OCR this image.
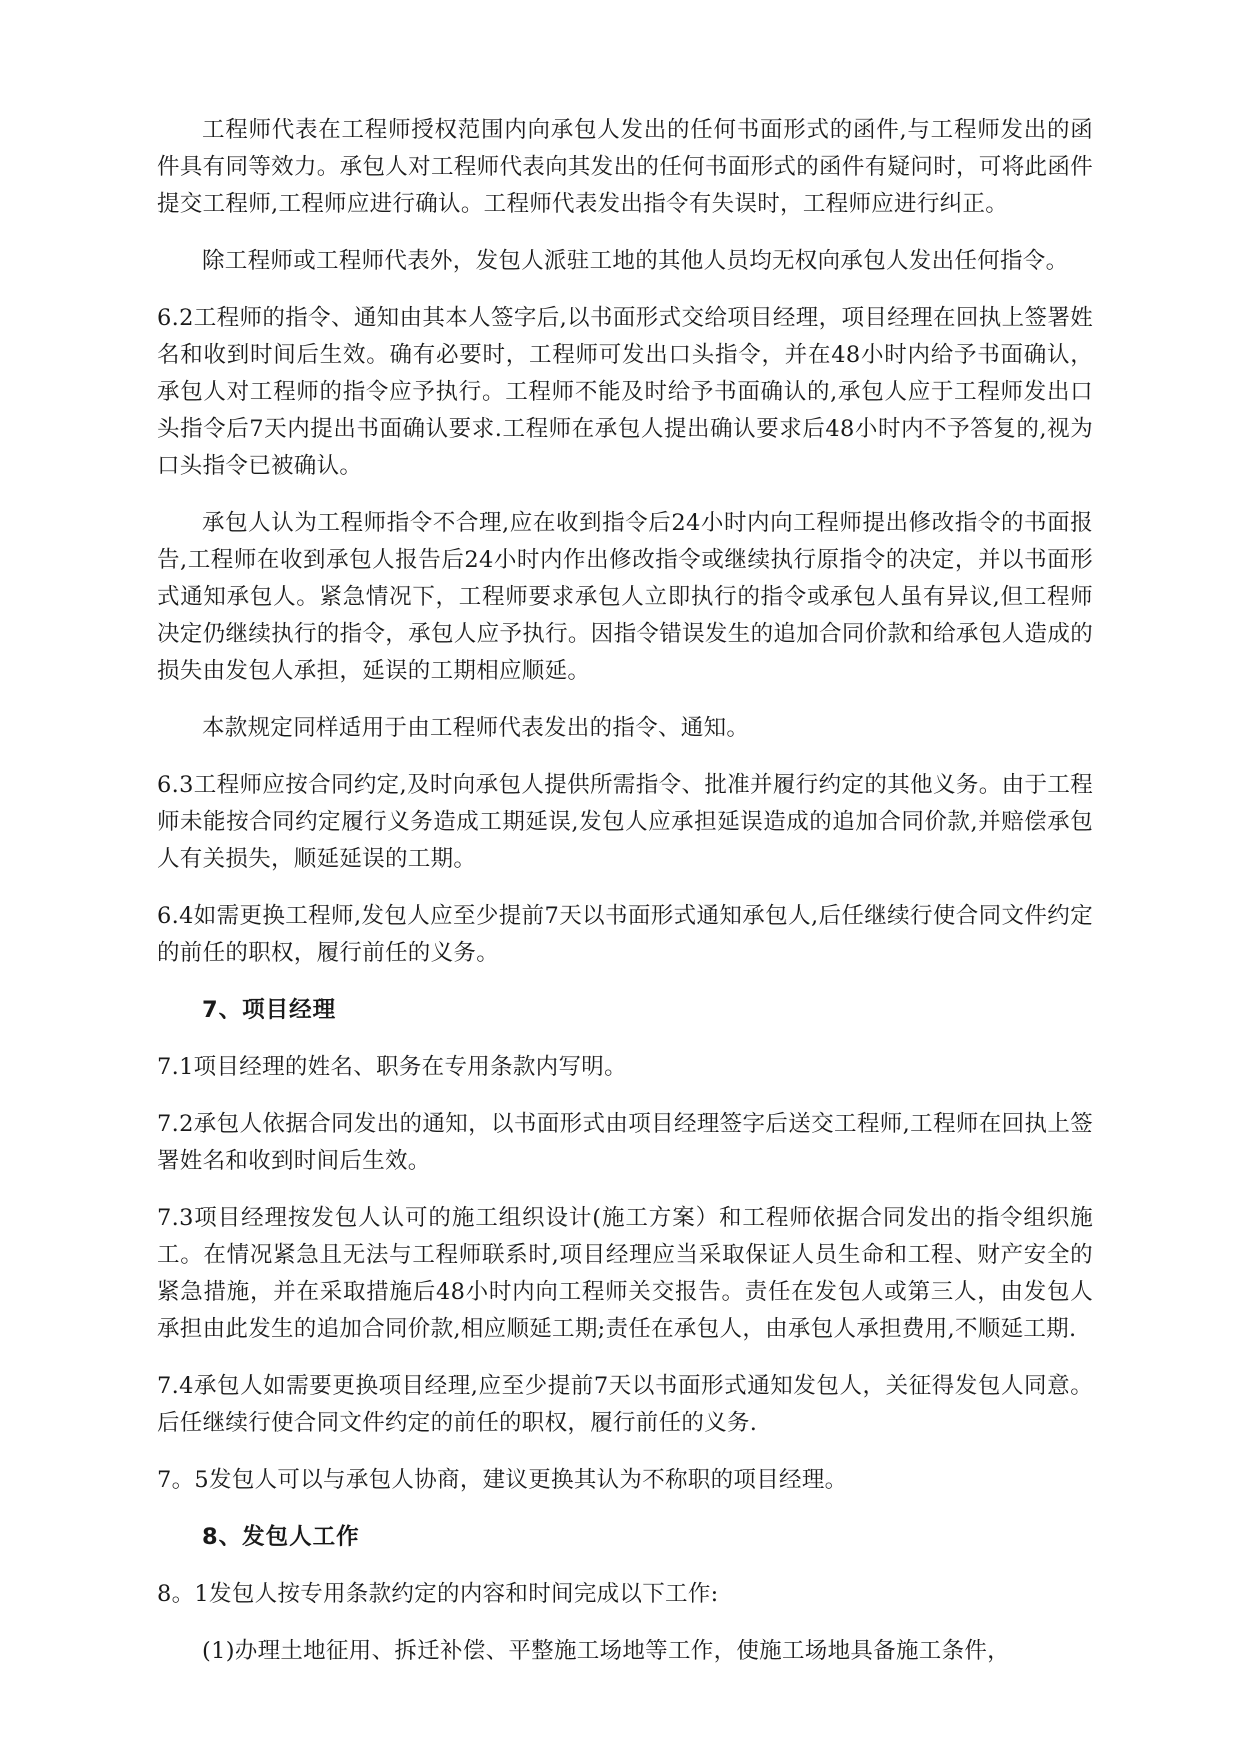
工程师代表在工程师授权范围内向承包人发出的任何书面形式的函件,与工程师发出的函件具有同等效力。承包人对工程师代表向其发出的任何书面形式的函件有疑问时，可将此函件提交工程师,工程师应进行确认。工程师代表发出指令有失误时，工程师应进行纠正。

除工程师或工程师代表外，发包人派驻工地的其他人员均无权向承包人发出任何指令。

6.2工程师的指令、通知由其本人签字后,以书面形式交给项目经理，项目经理在回执上签署姓名和收到时间后生效。确有必要时，工程师可发出口头指令，并在48小时内给予书面确认，承包人对工程师的指令应予执行。工程师不能及时给予书面确认的,承包人应于工程师发出口头指令后7天内提出书面确认要求.工程师在承包人提出确认要求后48小时内不予答复的,视为口头指令已被确认。

承包人认为工程师指令不合理,应在收到指令后24小时内向工程师提出修改指令的书面报告,工程师在收到承包人报告后24小时内作出修改指令或继续执行原指令的决定，并以书面形式通知承包人。紧急情况下，工程师要求承包人立即执行的指令或承包人虽有异议,但工程师决定仍继续执行的指令，承包人应予执行。因指令错误发生的追加合同价款和给承包人造成的损失由发包人承担，延误的工期相应顺延。

本款规定同样适用于由工程师代表发出的指令、通知。

6.3工程师应按合同约定,及时向承包人提供所需指令、批准并履行约定的其他义务。由于工程师未能按合同约定履行义务造成工期延误,发包人应承担延误造成的追加合同价款,并赔偿承包人有关损失，顺延延误的工期。

6.4如需更换工程师,发包人应至少提前7天以书面形式通知承包人,后任继续行使合同文件约定的前任的职权，履行前任的义务。

7、项目经理

7.1项目经理的姓名、职务在专用条款内写明。

7.2承包人依据合同发出的通知，以书面形式由项目经理签字后送交工程师,工程师在回执上签署姓名和收到时间后生效。

7.3项目经理按发包人认可的施工组织设计(施工方案）和工程师依据合同发出的指令组织施工。在情况紧急且无法与工程师联系时,项目经理应当采取保证人员生命和工程、财产安全的紧急措施，并在采取措施后48小时内向工程师关交报告。责任在发包人或第三人，由发包人承担由此发生的追加合同价款,相应顺延工期;责任在承包人，由承包人承担费用,不顺延工期.

7.4承包人如需要更换项目经理,应至少提前7天以书面形式通知发包人，关征得发包人同意。后任继续行使合同文件约定的前任的职权，履行前任的义务.

7。5发包人可以与承包人协商，建议更换其认为不称职的项目经理。

8、发包人工作

8。1发包人按专用条款约定的内容和时间完成以下工作:

(1)办理土地征用、拆迁补偿、平整施工场地等工作，使施工场地具备施工条件，
